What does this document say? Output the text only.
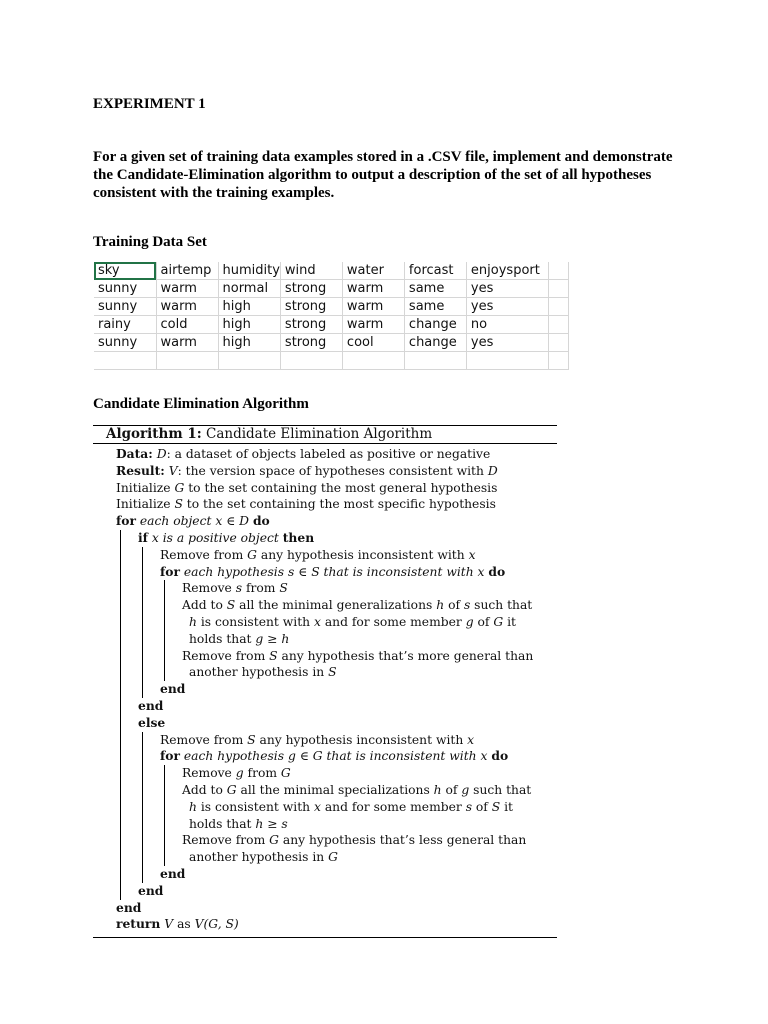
EXPERIMENT 1
For a given set of training data examples stored in a .CSV file, implement and demonstrate the Candidate-Elimination algorithm to output a description of the set of all hypotheses consistent with the training examples.
Training Data Set
sky	airtemp	humidity	wind	water	forcast	enjoysport	
sunny	warm	normal	strong	warm	same	yes	
sunny	warm	high	strong	warm	same	yes	
rainy	cold	high	strong	warm	change	no	
sunny	warm	high	strong	cool	change	yes	

Candidate Elimination Algorithm
Algorithm 1: Candidate Elimination Algorithm
Data: D: a dataset of objects labeled as positive or negative
Result: V: the version space of hypotheses consistent with D
Initialize G to the set containing the most general hypothesis
Initialize S to the set containing the most specific hypothesis
for each object x ∈ D do
if x is a positive object then
Remove from G any hypothesis inconsistent with x
for each hypothesis s ∈ S that is inconsistent with x do
Remove s from S
Add to S all the minimal generalizations h of s such that
h is consistent with x and for some member g of G it
holds that g ≥ h
Remove from S any hypothesis that’s more general than
another hypothesis in S
end
end
else
Remove from S any hypothesis inconsistent with x
for each hypothesis g ∈ G that is inconsistent with x do
Remove g from G
Add to G all the minimal specializations h of g such that
h is consistent with x and for some member s of S it
holds that h ≥ s
Remove from G any hypothesis that’s less general than
another hypothesis in G
end
end
end
return V as V(G, S)
